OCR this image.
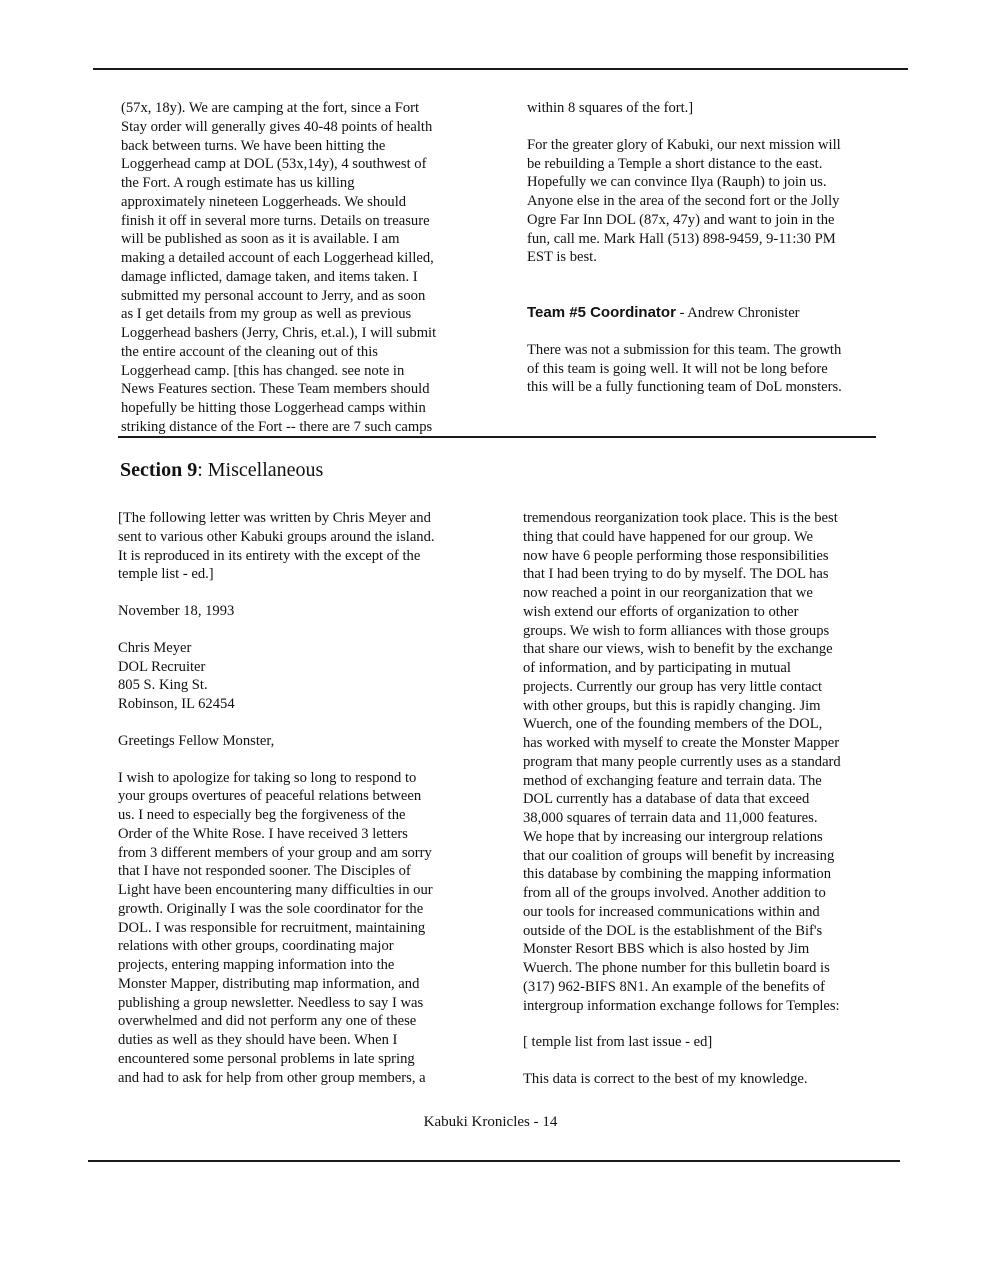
(57x, 18y). We are camping at the fort, since a Fort
Stay order will generally gives 40-48 points of health
back between turns. We have been hitting the
Loggerhead camp at DOL (53x,14y), 4 southwest of
the Fort. A rough estimate has us killing
approximately nineteen Loggerheads. We should
finish it off in several more turns. Details on treasure
will be published as soon as it is available. I am
making a detailed account of each Loggerhead killed,
damage inflicted, damage taken, and items taken. I
submitted my personal account to Jerry, and as soon
as I get details from my group as well as previous
Loggerhead bashers (Jerry, Chris, et.al.), I will submit
the entire account of the cleaning out of this
Loggerhead camp. [this has changed. see note in
News Features section. These Team members should
hopefully be hitting those Loggerhead camps within
striking distance of the Fort -- there are 7 such camps

within 8 squares of the fort.]

For the greater glory of Kabuki, our next mission will
be rebuilding a Temple a short distance to the east.
Hopefully we can convince Ilya (Rauph) to join us.
Anyone else in the area of the second fort or the Jolly
Ogre Far Inn DOL (87x, 47y) and want to join in the
fun, call me. Mark Hall (513) 898-9459, 9-11:30 PM
EST is best.

Team #5 Coordinator - Andrew Chronister

There was not a submission for this team. The growth
of this team is going well. It will not be long before
this will be a fully functioning team of DoL monsters.

Section 9: Miscellaneous

[The following letter was written by Chris Meyer and
sent to various other Kabuki groups around the island.
It is reproduced in its entirety with the except of the
temple list - ed.]

November 18, 1993

Chris Meyer
DOL Recruiter
805 S. King St.
Robinson, IL 62454

Greetings Fellow Monster,

I wish to apologize for taking so long to respond to
your groups overtures of peaceful relations between
us. I need to especially beg the forgiveness of the
Order of the White Rose. I have received 3 letters
from 3 different members of your group and am sorry
that I have not responded sooner. The Disciples of
Light have been encountering many difficulties in our
growth. Originally I was the sole coordinator for the
DOL. I was responsible for recruitment, maintaining
relations with other groups, coordinating major
projects, entering mapping information into the
Monster Mapper, distributing map information, and
publishing a group newsletter. Needless to say I was
overwhelmed and did not perform any one of these
duties as well as they should have been. When I
encountered some personal problems in late spring
and had to ask for help from other group members, a

tremendous reorganization took place. This is the best
thing that could have happened for our group. We
now have 6 people performing those responsibilities
that I had been trying to do by myself. The DOL has
now reached a point in our reorganization that we
wish extend our efforts of organization to other
groups. We wish to form alliances with those groups
that share our views, wish to benefit by the exchange
of information, and by participating in mutual
projects. Currently our group has very little contact
with other groups, but this is rapidly changing. Jim
Wuerch, one of the founding members of the DOL,
has worked with myself to create the Monster Mapper
program that many people currently uses as a standard
method of exchanging feature and terrain data. The
DOL currently has a database of data that exceed
38,000 squares of terrain data and 11,000 features.
We hope that by increasing our intergroup relations
that our coalition of groups will benefit by increasing
this database by combining the mapping information
from all of the groups involved. Another addition to
our tools for increased communications within and
outside of the DOL is the establishment of the Bif's
Monster Resort BBS which is also hosted by Jim
Wuerch. The phone number for this bulletin board is
(317) 962-BIFS 8N1. An example of the benefits of
intergroup information exchange follows for Temples:

[ temple list from last issue - ed]

This data is correct to the best of my knowledge.

Kabuki Kronicles - 14
